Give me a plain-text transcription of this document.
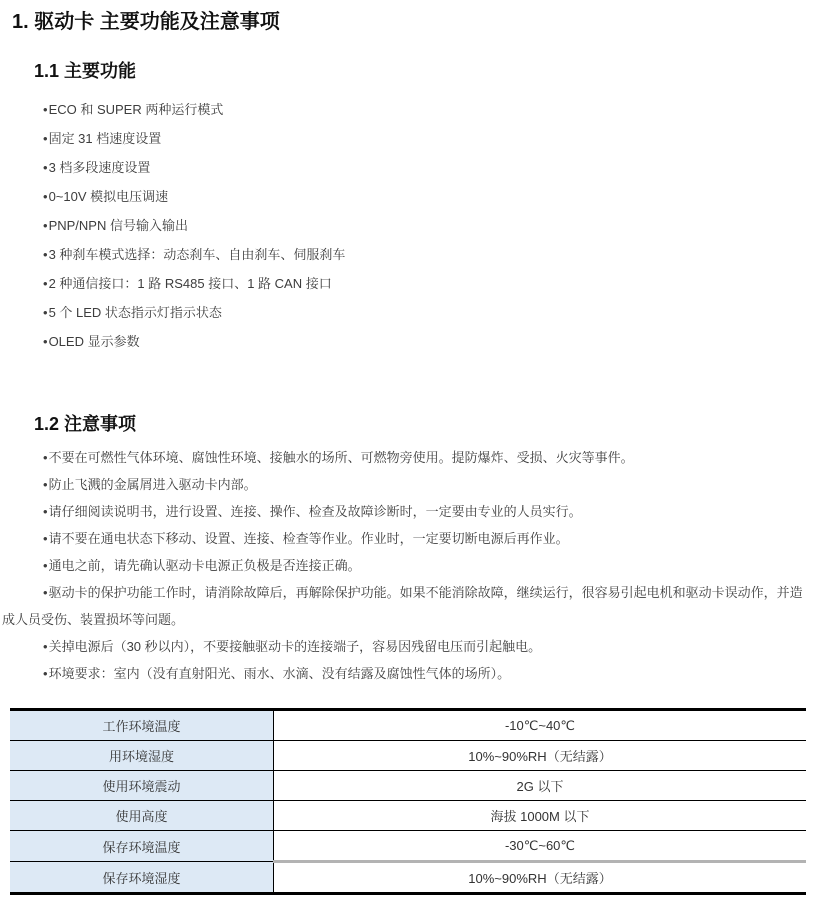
1. 驱动卡 主要功能及注意事项
1.1 主要功能

• ECO 和 SUPER 两种运行模式

• 固定 31 档速度设置

• 3 档多段速度设置

• 0~10V 模拟电压调速

• PNP/NPN 信号输入输出

• 3 种刹车模式选择：动态刹车、自由刹车、伺服刹车

• 2 种通信接口：1 路 RS485 接口、1 路 CAN 接口

• 5 个 LED 状态指示灯指示状态

• OLED 显示参数

1.2 注意事项

• 不要在可燃性气体环境、腐蚀性环境、接触水的场所、可燃物旁使用。提防爆炸、受损、火灾等事件。

• 防止飞溅的金属屑进入驱动卡内部。

• 请仔细阅读说明书，进行设置、连接、操作、检查及故障诊断时，一定要由专业的人员实行。

• 请不要在通电状态下移动、设置、连接、检查等作业。作业时，一定要切断电源后再作业。

• 通电之前，请先确认驱动卡电源正负极是否连接正确。

• 驱动卡的保护功能工作时，请消除故障后，再解除保护功能。如果不能消除故障，继续运行，很容易引起电机和驱动卡误动作，并造成人员受伤、装置损坏等问题。

• 关掉电源后（30 秒以内），不要接触驱动卡的连接端子，容易因残留电压而引起触电。

• 环境要求：室内（没有直射阳光、雨水、水滴、没有结露及腐蚀性气体的场所）。

工作环境温度	-10℃~40℃
用环境湿度	10%~90%RH（无结露）
使用环境震动	2G 以下
使用高度	海拔 1000M 以下
保存环境温度	-30℃~60℃
保存环境湿度	10%~90%RH（无结露）
